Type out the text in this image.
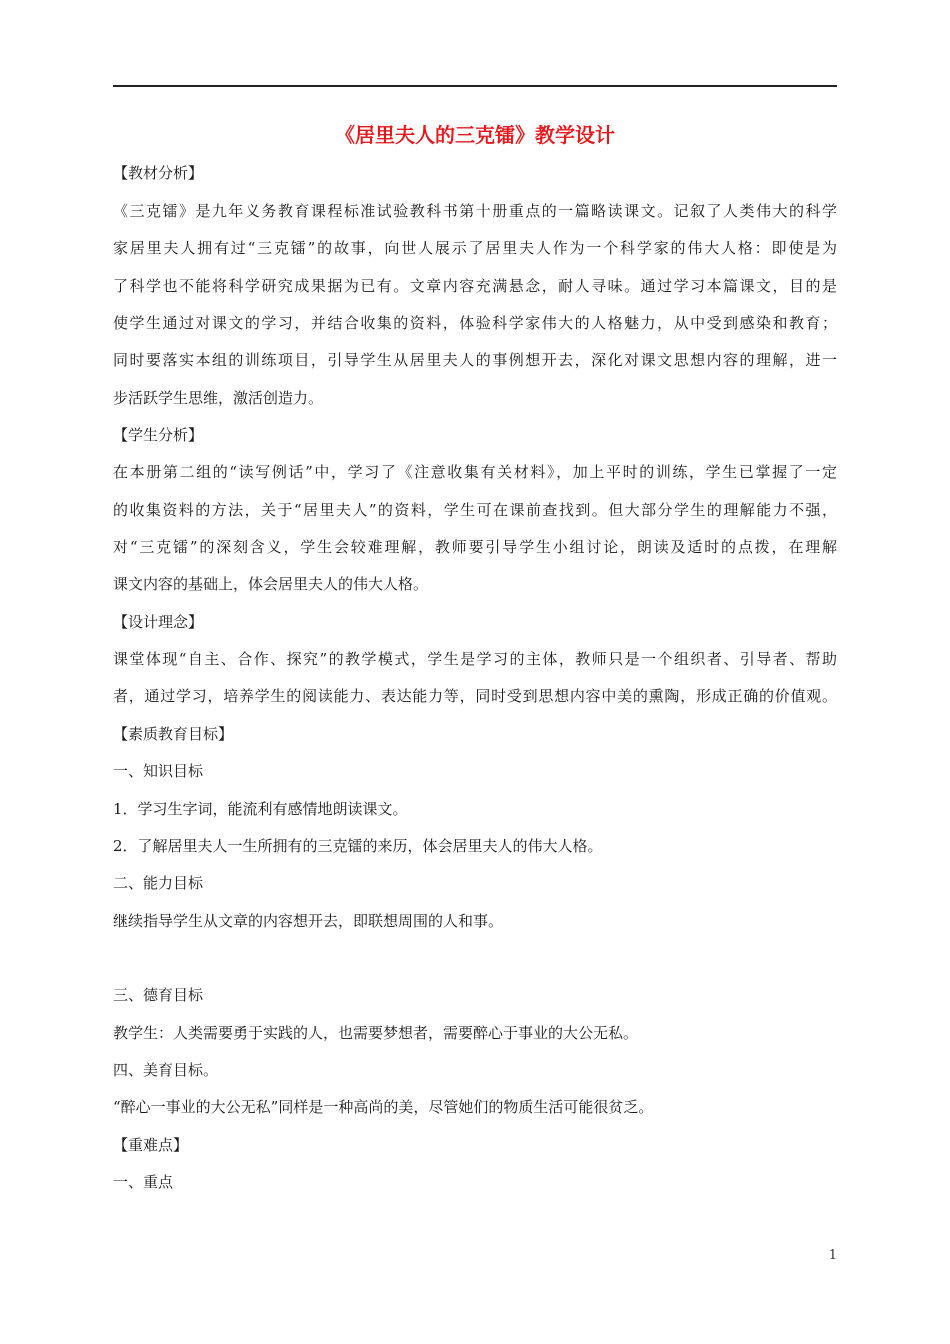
《居里夫人的三克镭》教学设计

【教材分析】

《三克镭》是九年义务教育课程标准试验教科书第十册重点的一篇略读课文。记叙了人类伟大的科学

家居里夫人拥有过“三克镭”的故事，向世人展示了居里夫人作为一个科学家的伟大人格：即使是为

了科学也不能将科学研究成果据为已有。文章内容充满悬念，耐人寻味。通过学习本篇课文，目的是

使学生通过对课文的学习，并结合收集的资料，体验科学家伟大的人格魅力，从中受到感染和教育；

同时要落实本组的训练项目，引导学生从居里夫人的事例想开去，深化对课文思想内容的理解，进一

步活跃学生思维，激活创造力。

【学生分析】

在本册第二组的“读写例话”中，学习了《注意收集有关材料》，加上平时的训练，学生已掌握了一定

的收集资料的方法，关于“居里夫人”的资料，学生可在课前查找到。但大部分学生的理解能力不强，

对“三克镭”的深刻含义，学生会较难理解，教师要引导学生小组讨论，朗读及适时的点拨，在理解

课文内容的基础上，体会居里夫人的伟大人格。

【设计理念】

课堂体现“自主、合作、探究”的教学模式，学生是学习的主体，教师只是一个组织者、引导者、帮助

者，通过学习，培养学生的阅读能力、表达能力等，同时受到思想内容中美的熏陶，形成正确的价值观。

【素质教育目标】

一、知识目标

1．学习生字词，能流利有感情地朗读课文。

2．了解居里夫人一生所拥有的三克镭的来历，体会居里夫人的伟大人格。

二、能力目标

继续指导学生从文章的内容想开去，即联想周围的人和事。

三、德育目标

教学生：人类需要勇于实践的人，也需要梦想者，需要醉心于事业的大公无私。

四、美育目标。

“醉心一事业的大公无私”同样是一种高尚的美，尽管她们的物质生活可能很贫乏。

【重难点】

一、重点

1
